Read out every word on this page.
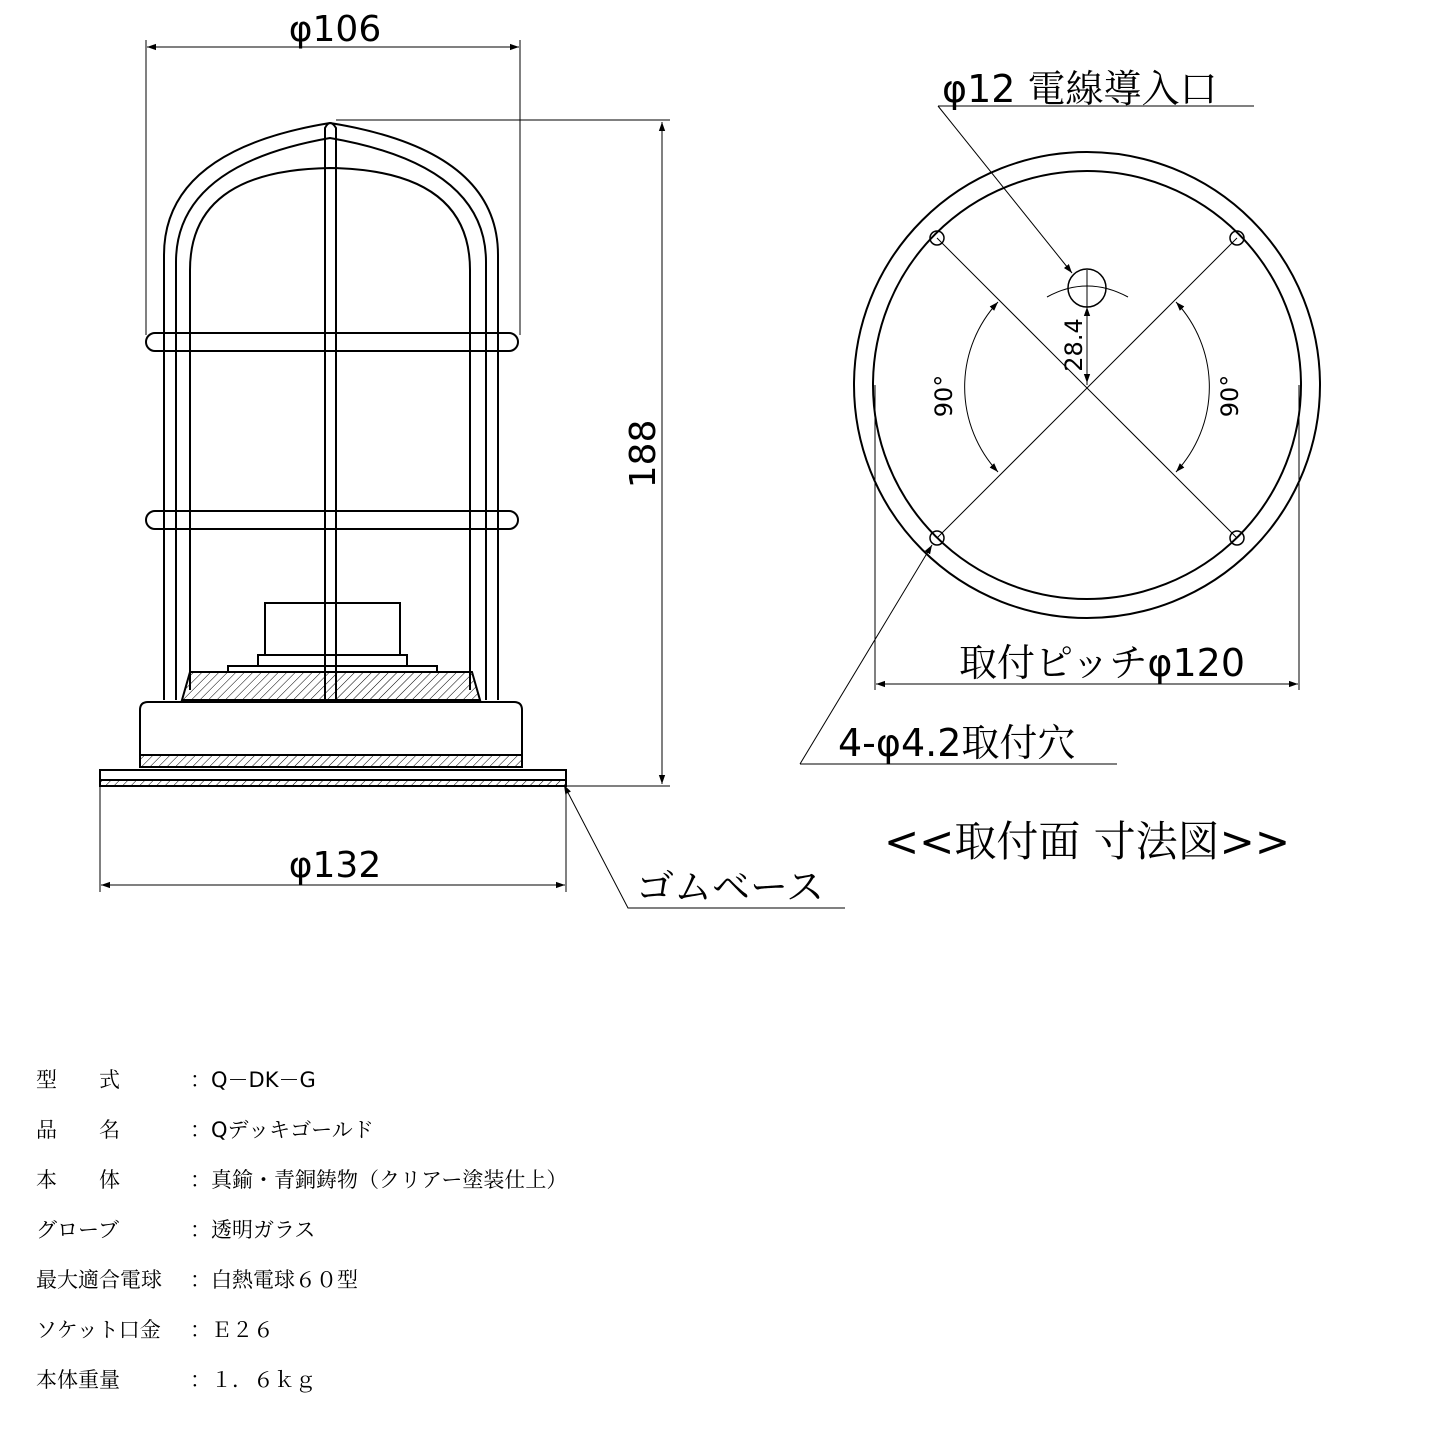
φ106
188
φ132	ゴムベース
φ12 電線導入口
28.4
90°	90°
取付ピッチφ120
4-φ4.2取付穴
<<取付面 寸法図>>
型　　式	：Q－DK－G
品　　名	：Qデッキゴールド
本　　体	：真鍮・青銅鋳物（クリアー塗装仕上）
グローブ	：透明ガラス
最大適合電球 ：白熱電球６０型
ソケット口金 ：Ｅ２６
本体重量	：１．６ｋｇ
